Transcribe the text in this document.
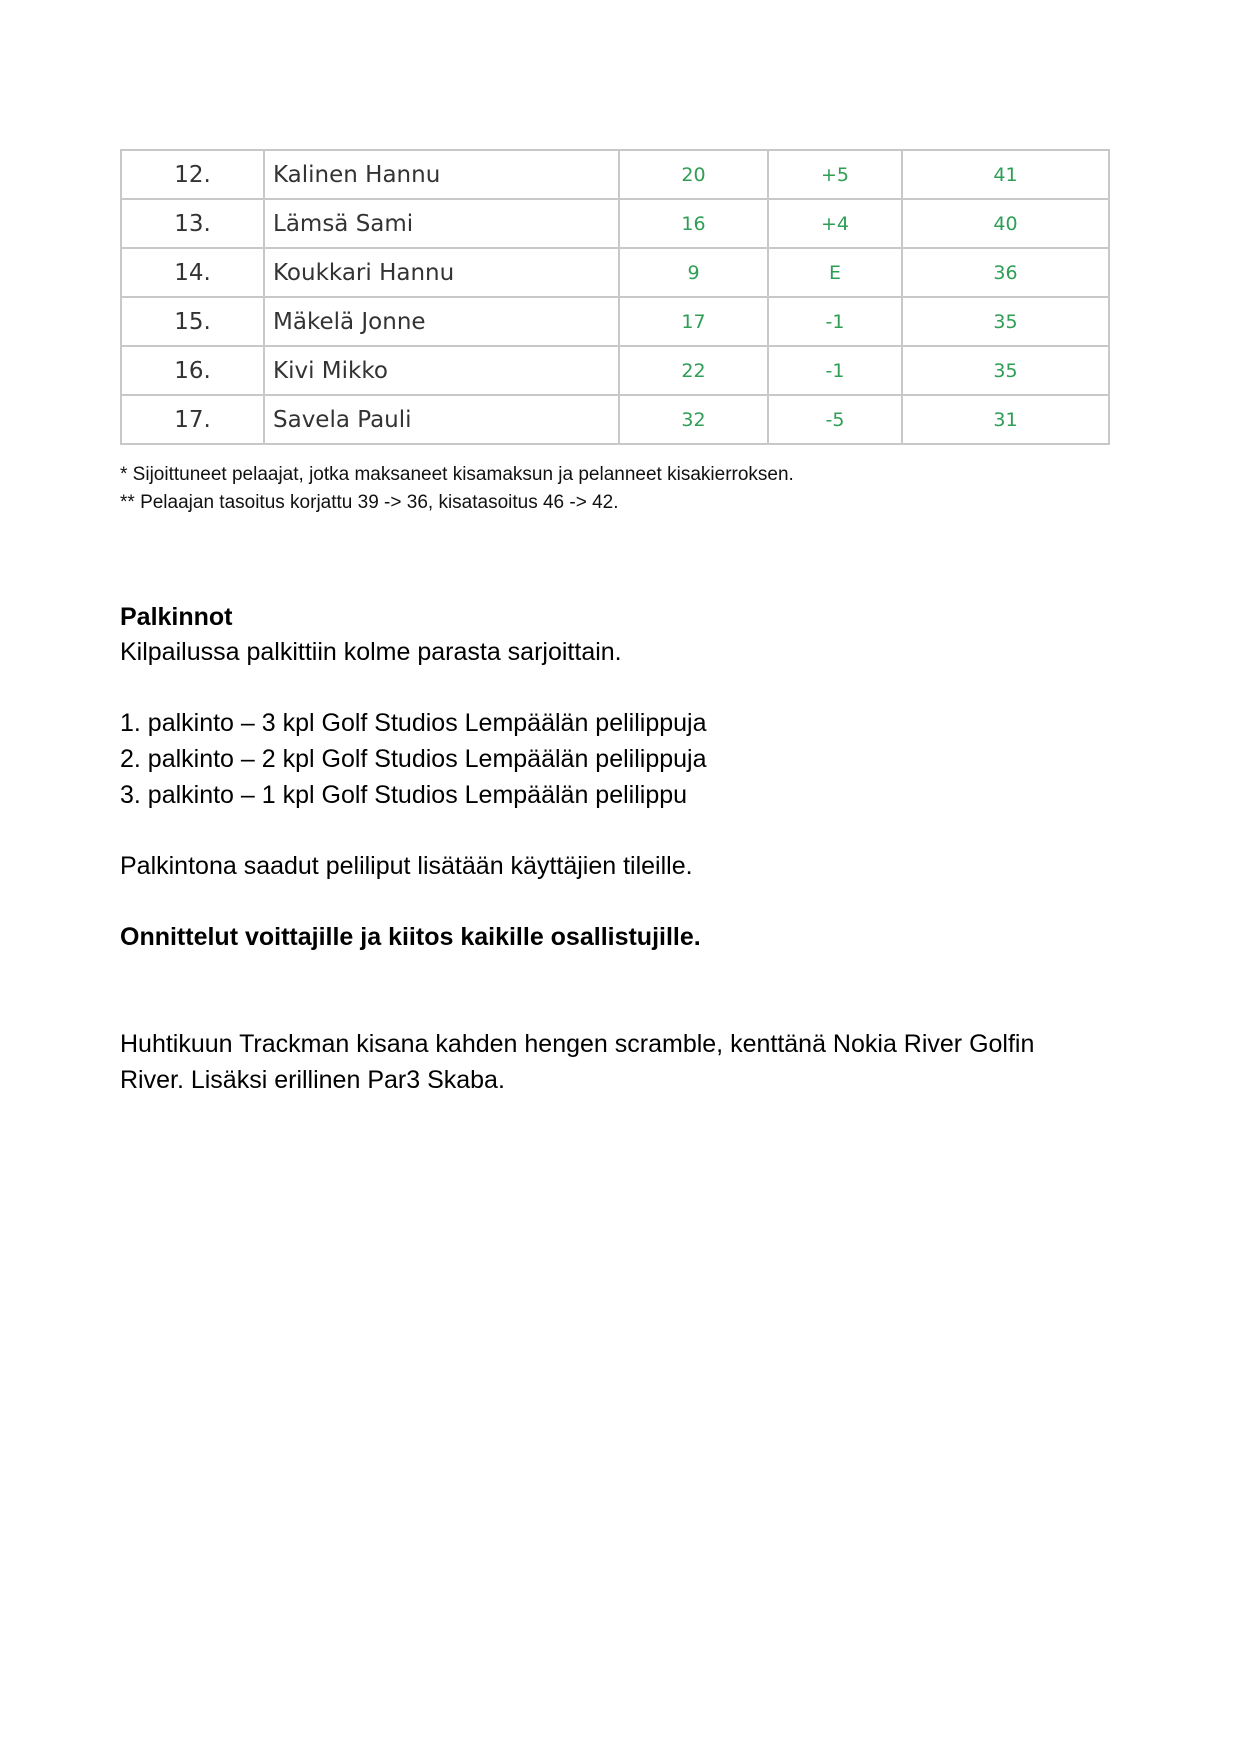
12.	Kalinen Hannu	20	+5	41
13.	Lämsä Sami	16	+4	40
14.	Koukkari Hannu	9	E	36
15.	Mäkelä Jonne	17	-1	35
16.	Kivi Mikko	22	-1	35
17.	Savela Pauli	32	-5	31
* Sijoittuneet pelaajat, jotka maksaneet kisamaksun ja pelanneet kisakierroksen.
** Pelaajan tasoitus korjattu 39 -> 36, kisatasoitus 46 -> 42.
Palkinnot
Kilpailussa palkittiin kolme parasta sarjoittain.
1. palkinto – 3 kpl Golf Studios Lempäälän pelilippuja
2. palkinto – 2 kpl Golf Studios Lempäälän pelilippuja
3. palkinto – 1 kpl Golf Studios Lempäälän pelilippu
Palkintona saadut peliliput lisätään käyttäjien tileille.
Onnittelut voittajille ja kiitos kaikille osallistujille.
Huhtikuun Trackman kisana kahden hengen scramble, kenttänä Nokia River Golfin
River. Lisäksi erillinen Par3 Skaba.
